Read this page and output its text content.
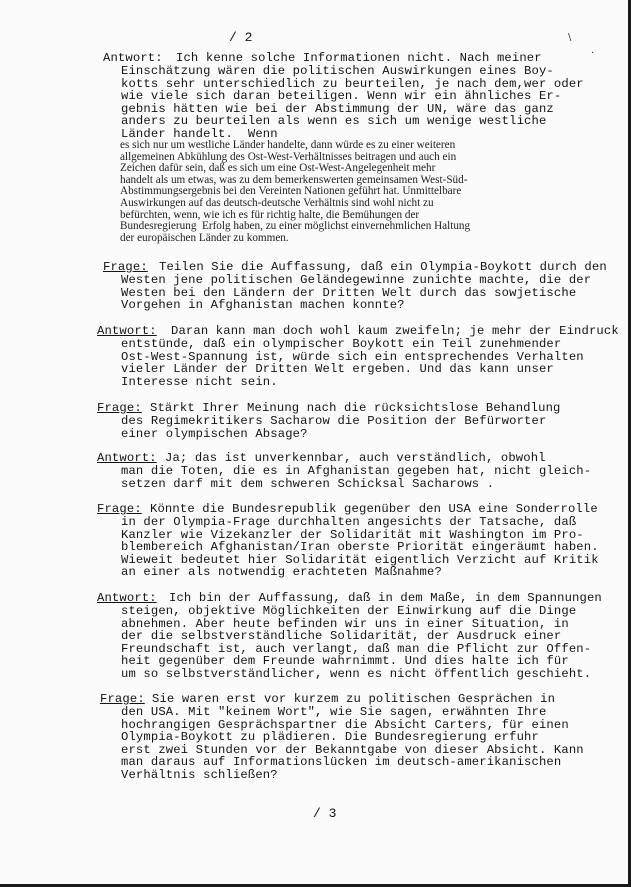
/ 2	\
·
Antwort: Ich kenne solche Informationen nicht. Nach meiner
Einschätzung wären die politischen Auswirkungen eines Boy-
kotts sehr unterschiedlich zu beurteilen, je nach dem,wer oder
wie viele sich daran beteiligen. Wenn wir ein ähnliches Er-
gebnis hätten wie bei der Abstimmung der UN, wäre das ganz
anders zu beurteilen als wenn es sich um wenige westliche
Länder handelt.  Wenn
es sich nur um westliche Länder handelte, dann würde es zu einer weiteren
allgemeinen Abkühlung des Ost-West-Verhältnisses beitragen und auch ein
Zeichen dafür sein, daß es sich um eine Ost-West-Angelegenheit mehr
handelt als um etwas, was zu dem bemerkenswerten gemeinsamen West-Süd-
Abstimmungsergebnis bei den Vereinten Nationen geführt hat. Unmittelbare
Auswirkungen auf das deutsch-deutsche Verhältnis sind wohl nicht zu
befürchten, wenn, wie ich es für richtig halte, die Bemühungen der
Bundesregierung  Erfolg haben, zu einer möglichst einvernehmlichen Haltung
der europäischen Länder zu kommen.
Frage: Teilen Sie die Auffassung, daß ein Olympia-Boykott durch den
Westen jene politischen Geländegewinne zunichte machte, die der
Westen bei den Ländern der Dritten Welt durch das sowjetische
Vorgehen in Afghanistan machen konnte?
Antwort: Daran kann man doch wohl kaum zweifeln; je mehr der Eindruck
entstünde, daß ein olympischer Boykott ein Teil zunehmender
Ost-West-Spannung ist, würde sich ein entsprechendes Verhalten
vieler Länder der Dritten Welt ergeben. Und das kann unser
Interesse nicht sein.
Frage: Stärkt Ihrer Meinung nach die rücksichtslose Behandlung
des Regimekritikers Sacharow die Position der Befürworter
einer olympischen Absage?
Antwort: Ja; das ist unverkennbar, auch verständlich, obwohl
man die Toten, die es in Afghanistan gegeben hat, nicht gleich-
setzen darf mit dem schweren Schicksal Sacharows .
Frage: Könnte die Bundesrepublik gegenüber den USA eine Sonderrolle
in der Olympia-Frage durchhalten angesichts der Tatsache, daß
Kanzler wie Vizekanzler der Solidarität mit Washington im Pro-
blembereich Afghanistan/Iran oberste Priorität eingeräumt haben.
Wieweit bedeutet hier Solidarität eigentlich Verzicht auf Kritik
an einer als notwendig erachteten Maßnahme?
Antwort: Ich bin der Auffassung, daß in dem Maße, in dem Spannungen
steigen, objektive Möglichkeiten der Einwirkung auf die Dinge
abnehmen. Aber heute befinden wir uns in einer Situation, in
der die selbstverständliche Solidarität, der Ausdruck einer
Freundschaft ist, auch verlangt, daß man die Pflicht zur Offen-
heit gegenüber dem Freunde wahrnimmt. Und dies halte ich für
um so selbstverständlicher, wenn es nicht öffentlich geschieht.
Frage: Sie waren erst vor kurzem zu politischen Gesprächen in
den USA. Mit "keinem Wort", wie Sie sagen, erwähnten Ihre
hochrangigen Gesprächspartner die Absicht Carters, für einen
Olympia-Boykott zu plädieren. Die Bundesregierung erfuhr
erst zwei Stunden vor der Bekanntgabe von dieser Absicht. Kann
man daraus auf Informationslücken im deutsch-amerikanischen
Verhältnis schließen?
/ 3
